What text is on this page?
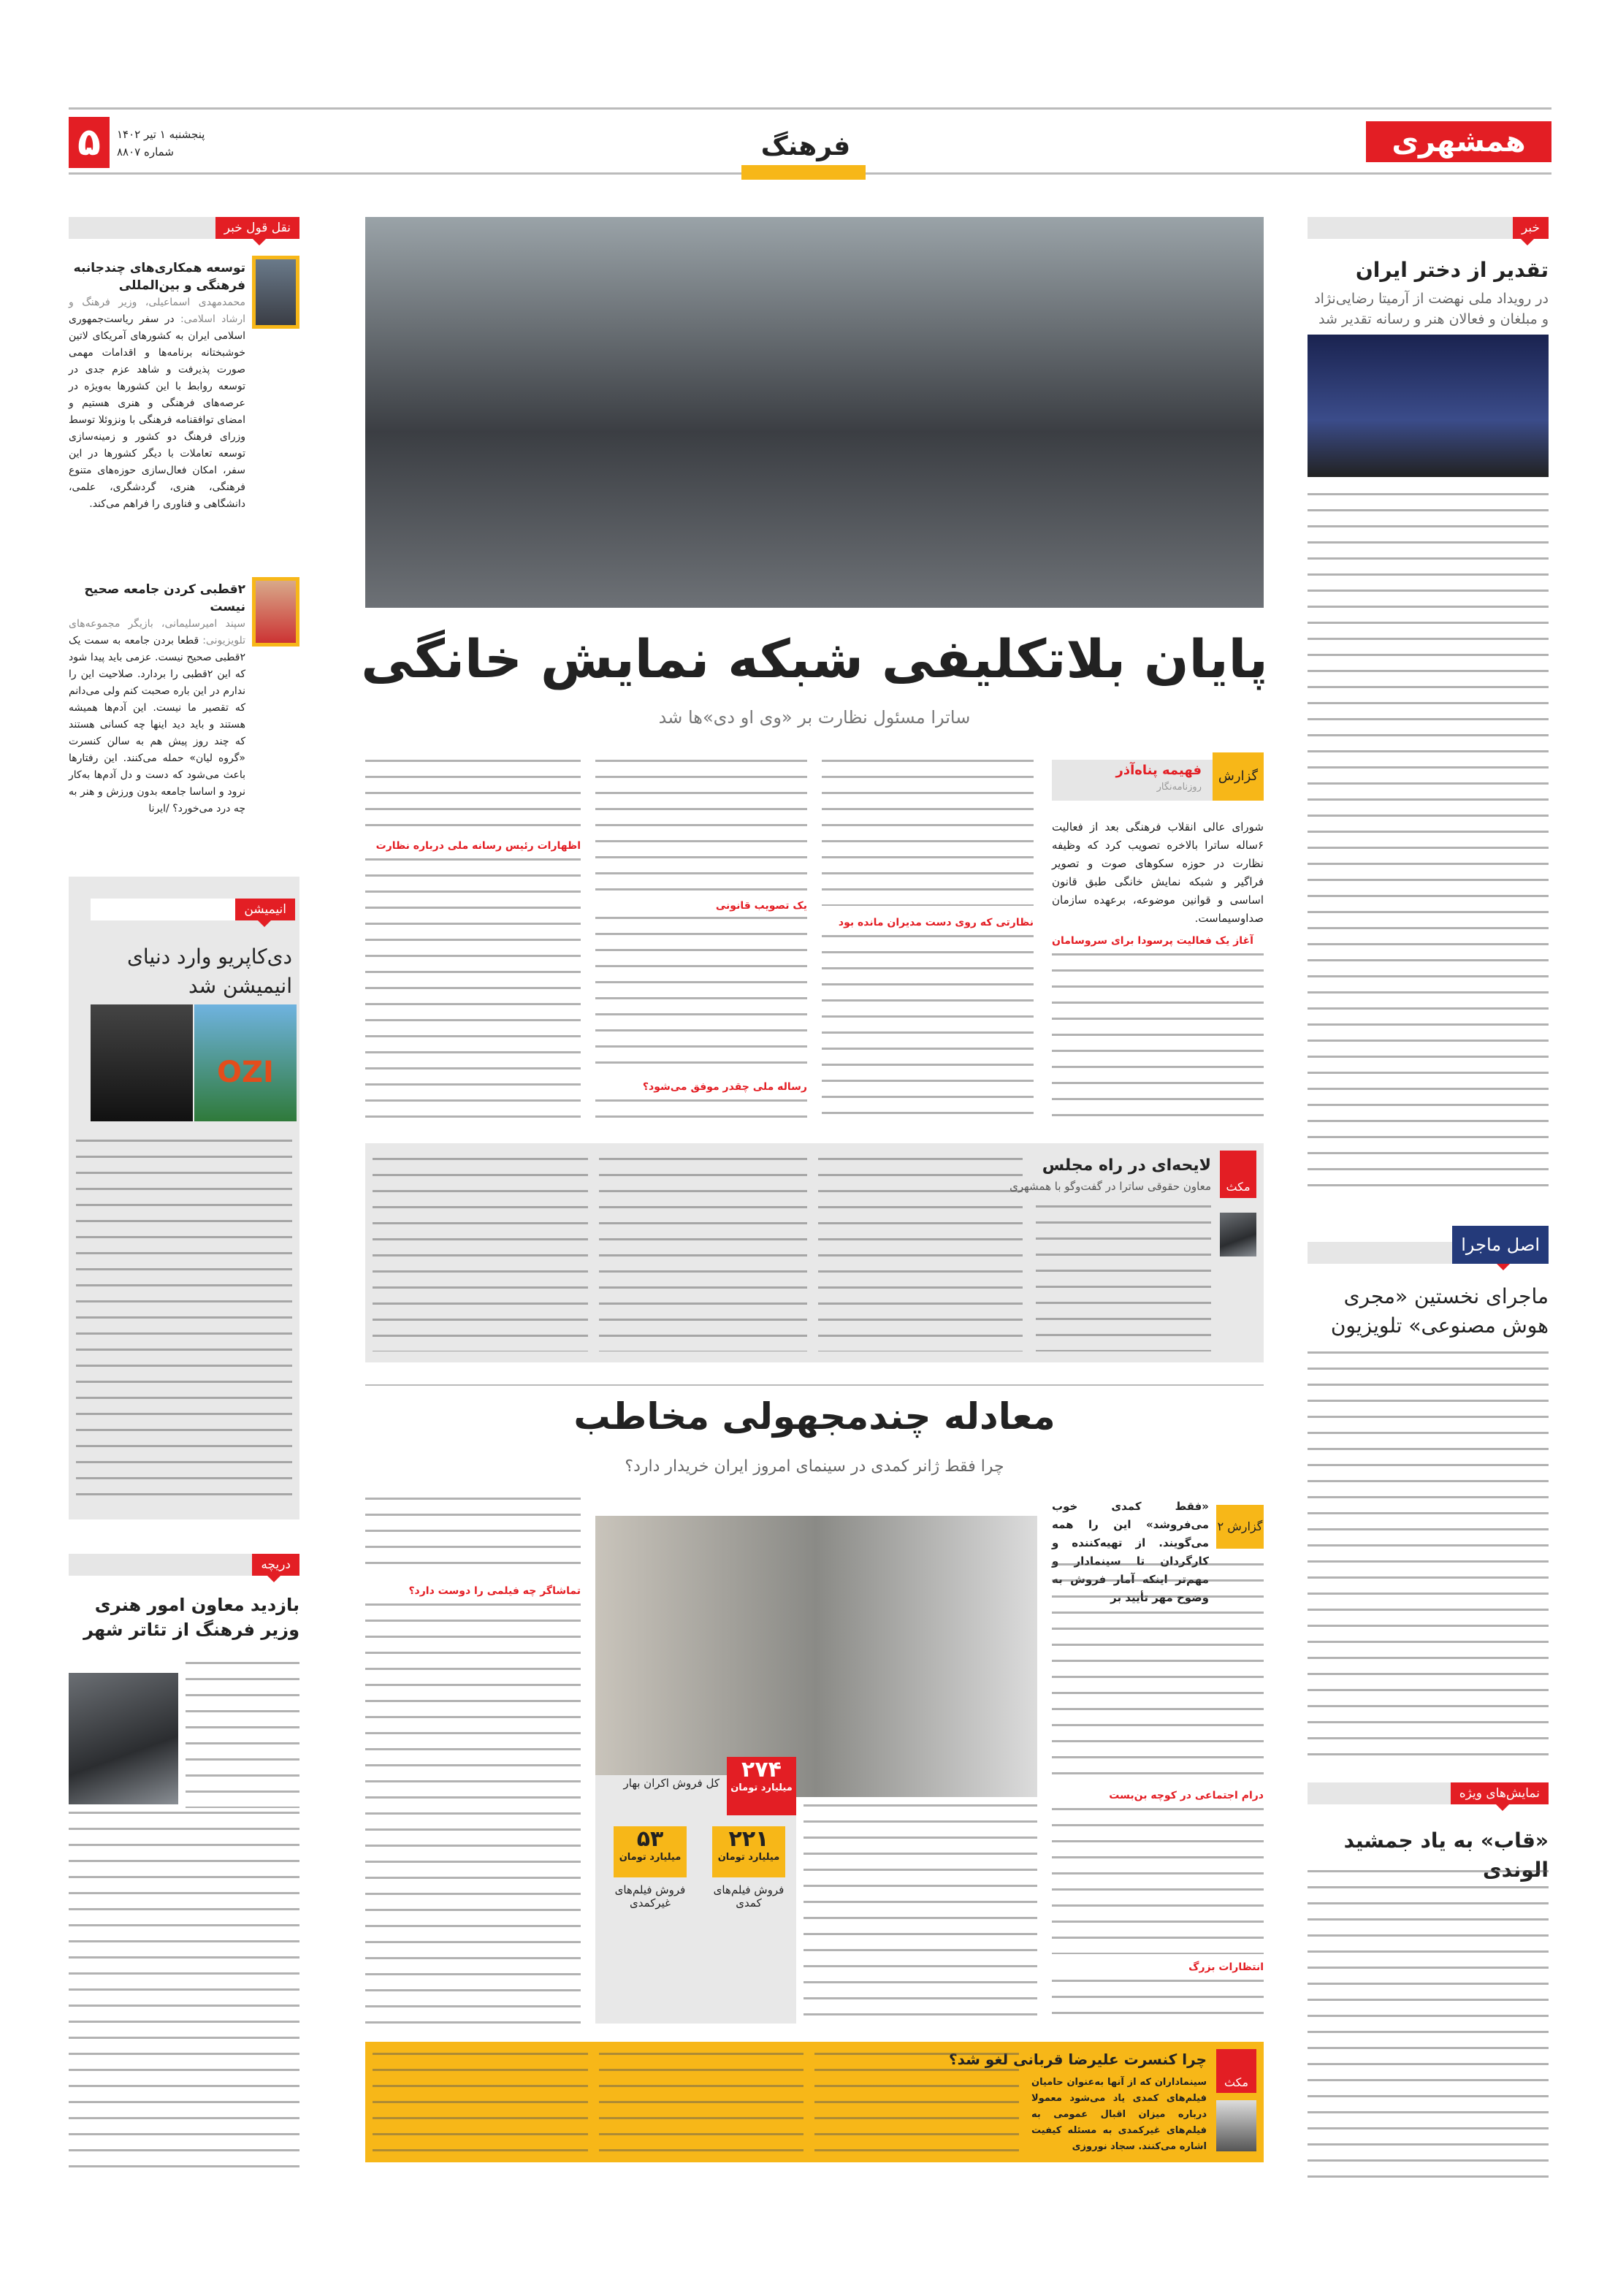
۵	پنجشنبه ۱ تیر ۱۴۰۲
شماره ۸۸۰۷	فرهنگ	همشهری
خبر
تقدیر از دختر ایران
در رویداد ملی نهضت از آرمیتا رضایی‌نژاد و مبلغان و فعالان هنر و رسانه تقدیر شد
اصل ماجرا
ماجرای نخستین «مجری هوش مصنوعی» تلویزیون
نمایش‌های ویژه
«قاب» به یاد جمشید الوندی
نقل قول خبر
توسعه همکاری‌های چندجانبه فرهنگی و بین‌المللی
محمدمهدی اسماعیلی، وزیر فرهنگ و ارشاد اسلامی: در سفر ریاست‌جمهوری اسلامی ایران به کشورهای آمریکای لاتین خوشبختانه برنامه‌ها و اقدامات مهمی صورت پذیرفت و شاهد عزم جدی در توسعه روابط با این کشورها به‌ویژه در عرصه‌های فرهنگی و هنری هستیم و امضای توافقنامه فرهنگی با ونزوئلا توسط وزرای فرهنگ دو کشور و زمینه‌سازی توسعه تعاملات با دیگر کشورها در این سفر، امکان فعال‌سازی حوزه‌های متنوع فرهنگی، هنری، گردشگری، علمی، دانشگاهی و فناوری را فراهم می‌کند.
۲قطبی کردن جامعه صحیح نیست
سپند امیرسلیمانی، بازیگر مجموعه‌های تلویزیونی: قطعا بردن جامعه به سمت یک ۲قطبی صحیح نیست. عزمی باید پیدا شود که این ۲قطبی را بردارد. صلاحیت این را ندارم در این باره صحبت کنم ولی می‌دانم که تقصیر ما نیست. این آدم‌ها همیشه هستند و باید دید اینها چه کسانی هستند که چند روز پیش هم به سالن کنسرت «گروه لیان» حمله می‌کنند. این رفتارها باعث می‌شود که دست و دل آدم‌ها به‌کار نرود و اساسا جامعه بدون ورزش و هنر به چه درد می‌خورد؟ /ایرنا
انیمیشن
دی‌کاپریو وارد دنیای انیمیشن شد
OZI
دریچه
بازدید معاون امور هنری وزیر فرهنگ از تئاتر شهر
پایان بلاتکلیفی شبکه نمایش خانگی
ساترا مسئول نظارت بر «وی او دی»ها شد
گزارش
فهیمه پناه‌آذر
روزنامه‌نگار
شورای عالی انقلاب فرهنگی بعد از فعالیت ۶ساله ساترا بالاخره تصویب کرد که وظیفه نظارت در حوزه سکوهای صوت و تصویر فراگیر و شبکه نمایش خانگی طبق قانون اساسی و قوانین موضوعه، برعهده سازمان صداوسیماست.
آغاز یک فعالیت پرسودا برای سروسامان
نظارتی که روی دست مدیران مانده بود
یک تصویب قانونی
رساله ملی چقدر موفق می‌شود؟
اظهارات رئیس رسانه ملی درباره نظارت
مکث
لایحه‌ای در راه مجلس
معاون حقوقی ساترا در گفت‌وگو با همشهری
معادله چندمجهولی مخاطب
چرا فقط ژانر کمدی در سینمای امروز ایران خریدار دارد؟
گزارش ۲
«فقط کمدی خوب می‌فروشد» این را همه می‌گویند. از تهیه‌کننده و کارگردان تا سینمادار و مهم‌تر اینکه آمار فروش به وضوح مهر تأیید بر
درام اجتماعی در کوچه بن‌بست
انتظارات بزرگ
تماشاگر چه فیلمی را دوست دارد؟
۲۷۴
میلیارد تومان
کل فروش اکران بهار
۲۲۱
میلیارد تومان
فروش فیلم‌های کمدی
۵۳
میلیارد تومان
فروش فیلم‌های غیرکمدی
مکث
چرا کنسرت علیرضا قربانی لغو شد؟
سینماداران که از آنها به‌عنوان حامیان فیلم‌های کمدی یاد می‌شود معمولا درباره میزان اقبال عمومی به فیلم‌های غیرکمدی به مسئله کیفیت اشاره می‌کنند. سجاد نوروزی
